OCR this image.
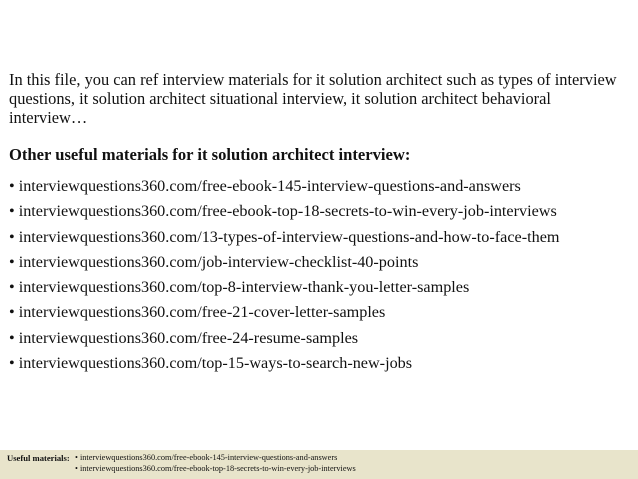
In this file, you can ref interview materials for it solution architect such as types of interview questions, it solution architect situational interview, it solution architect behavioral interview…

Other useful materials for it solution architect interview:

• interviewquestions360.com/free-ebook-145-interview-questions-and-answers
• interviewquestions360.com/free-ebook-top-18-secrets-to-win-every-job-interviews
• interviewquestions360.com/13-types-of-interview-questions-and-how-to-face-them
• interviewquestions360.com/job-interview-checklist-40-points
• interviewquestions360.com/top-8-interview-thank-you-letter-samples
• interviewquestions360.com/free-21-cover-letter-samples
• interviewquestions360.com/free-24-resume-samples
• interviewquestions360.com/top-15-ways-to-search-new-jobs
Useful materials: • interviewquestions360.com/free-ebook-145-interview-questions-and-answers
• interviewquestions360.com/free-ebook-top-18-secrets-to-win-every-job-interviews
